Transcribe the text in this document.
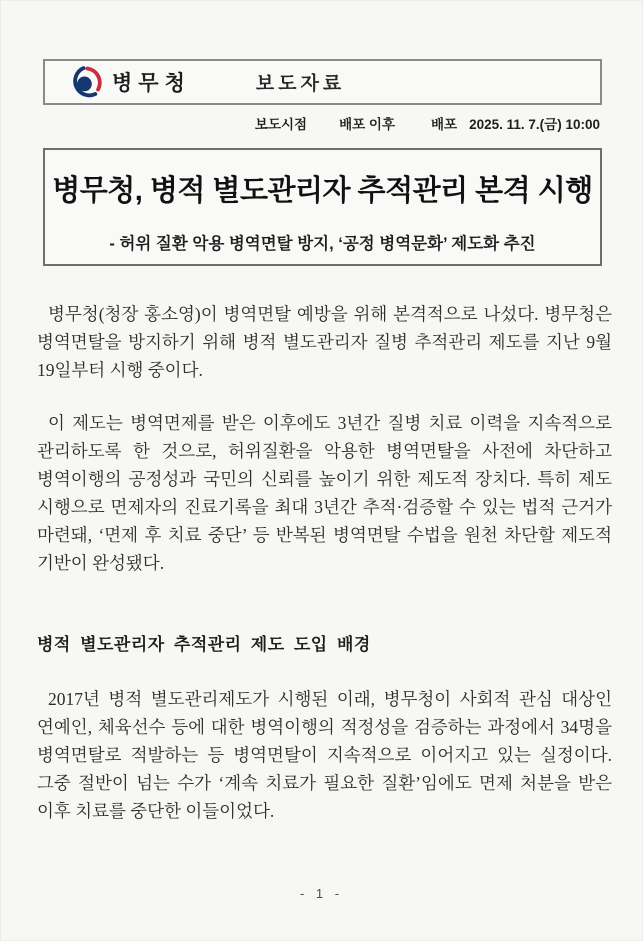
병무청	보도자료
보도시점 배포 이후	배포 2025. 11. 7.(금) 10:00
병무청, 병적 별도관리자 추적관리 본격 시행

- 허위 질환 악용 병역면탈 방지, ‘공정 병역문화’ 제도화 추진

병무청(청장 홍소영)이 병역면탈 예방을 위해 본격적으로 나섰다. 병무청은 병역면탈을 방지하기 위해 병적 별도관리자 질병 추적관리 제도를 지난 9월 19일부터 시행 중이다.

이 제도는 병역면제를 받은 이후에도 3년간 질병 치료 이력을 지속적으로 관리하도록 한 것으로, 허위질환을 악용한 병역면탈을 사전에 차단하고 병역이행의 공정성과 국민의 신뢰를 높이기 위한 제도적 장치다. 특히 제도 시행으로 면제자의 진료기록을 최대 3년간 추적·검증할 수 있는 법적 근거가 마련돼, ‘면제 후 치료 중단’ 등 반복된 병역면탈 수법을 원천 차단할 제도적 기반이 완성됐다.

병적 별도관리자 추적관리 제도 도입 배경

2017년 병적 별도관리제도가 시행된 이래, 병무청이 사회적 관심 대상인 연예인, 체육선수 등에 대한 병역이행의 적정성을 검증하는 과정에서 34명을 병역면탈로 적발하는 등 병역면탈이 지속적으로 이어지고 있는 실정이다. 그중 절반이 넘는 수가 ‘계속 치료가 필요한 질환’임에도 면제 처분을 받은 이후 치료를 중단한 이들이었다.

- 1 -
